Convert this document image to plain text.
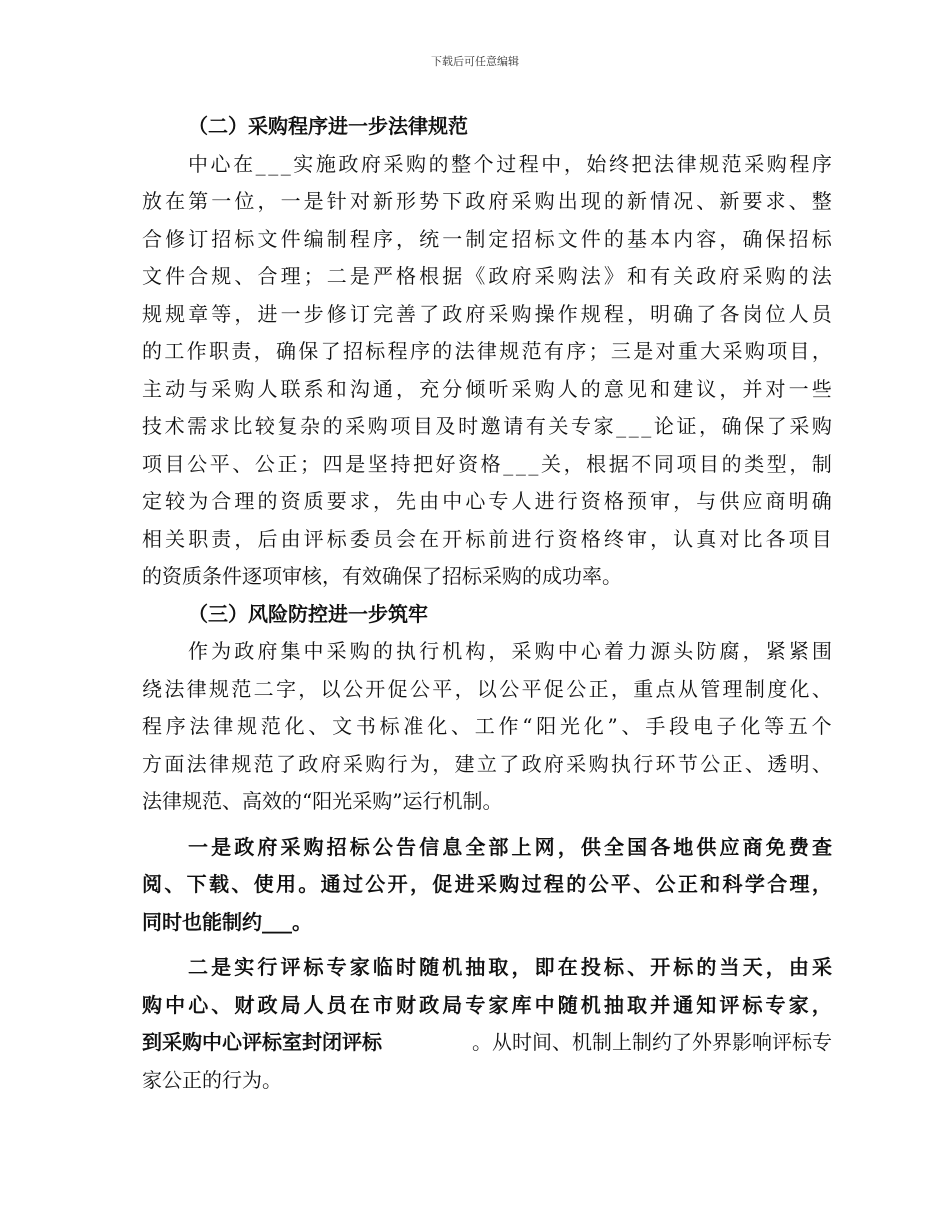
下载后可任意编辑
（二）采购程序进一步法律规范
中 心 在 _ _ _ 实 施 政 府 采 购 的 整 个 过 程 中 ， 始 终 把 法 律 规 范 采 购 程 序
放 在 第 一 位 ， 一 是 针 对 新 形 势 下 政 府 采 购 出 现 的 新 情 况 、 新 要 求 、 整
合 修 订 招 标 文 件 编 制 程 序 ， 统 一 制 定 招 标 文 件 的 基 本 内 容 ， 确 保 招 标
文 件 合 规 、 合 理 ； 二 是 严 格 根 据 《 政 府 采 购 法 》 和 有 关 政 府 采 购 的 法
规 规 章 等 ， 进 一 步 修 订 完 善 了 政 府 采 购 操 作 规 程 ， 明 确 了 各 岗 位 人 员
的 工 作 职 责 ， 确 保 了 招 标 程 序 的 法 律 规 范 有 序 ； 三 是 对 重 大 采 购 项 目 ，
主 动 与 采 购 人 联 系 和 沟 通 ， 充 分 倾 听 采 购 人 的 意 见 和 建 议 ， 并 对 一 些
技 术 需 求 比 较 复 杂 的 采 购 项 目 及 时 邀 请 有 关 专 家 _ _ _ 论 证 ， 确 保 了 采 购
项 目 公 平 、 公 正 ； 四 是 坚 持 把 好 资 格 _ _ _ 关 ， 根 据 不 同 项 目 的 类 型 ， 制
定 较 为 合 理 的 资 质 要 求 ， 先 由 中 心 专 人 进 行 资 格 预 审 ， 与 供 应 商 明 确
相 关 职 责 ， 后 由 评 标 委 员 会 在 开 标 前 进 行 资 格 终 审 ， 认 真 对 比 各 项 目
的资质条件逐项审核，有效确保了招标采购的成功率。
（三）风险防控进一步筑牢
作 为 政 府 集 中 采 购 的 执 行 机 构 ， 采 购 中 心 着 力 源 头 防 腐 ， 紧 紧 围
绕 法 律 规 范 二 字 ， 以 公 开 促 公 平 ， 以 公 平 促 公 正 ， 重 点 从 管 理 制 度 化 、
程 序 法 律 规 范 化 、 文 书 标 准 化 、 工 作 “ 阳 光 化 ” 、 手 段 电 子 化 等 五 个
方 面 法 律 规 范 了 政 府 采 购 行 为 ， 建 立 了 政 府 采 购 执 行 环 节 公 正 、 透 明 、
法律规范、高效的“阳光采购”运行机制。
一 是 政 府 采 购 招 标 公 告 信 息 全 部 上 网 ， 供 全 国 各 地 供 应 商 免 费 查
阅 、 下 载 、 使 用 。 通 过 公 开 ， 促 进 采 购 过 程 的 公 平 、 公 正 和 科 学 合 理 ，
同时也能制约___。
二 是 实 行 评 标 专 家 临 时 随 机 抽 取 ， 即 在 投 标 、 开 标 的 当 天 ， 由 采
购 中 心 、 财 政 局 人 员 在 市 财 政 局 专 家 库 中 随 机 抽 取 并 通 知 评 标 专 家 ，
到采购中心评标室封闭评标	。从时间、机制上制约了外界影响评标专
家公正的行为。
